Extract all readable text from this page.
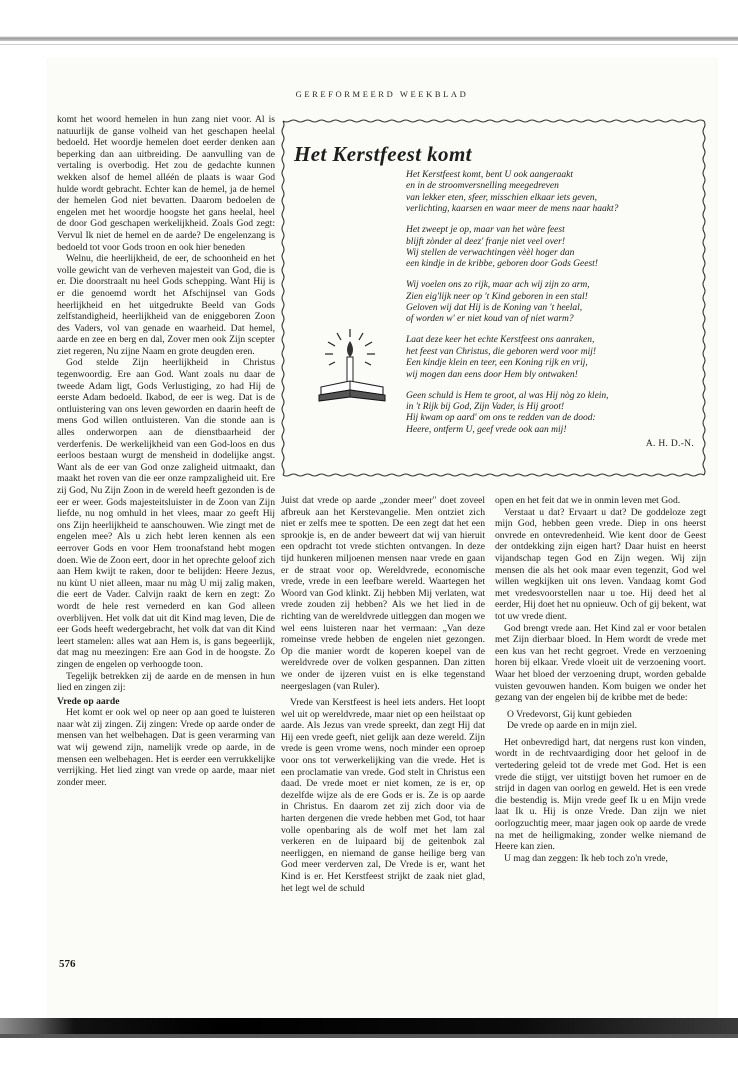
GEREFORMEERD WEEKBLAD

komt het woord hemelen in hun zang niet voor. Al is natuurlijk de ganse volheid van het geschapen heelal bedoeld. Het woordje hemelen doet eerder denken aan beperking dan aan uitbreiding. De aanvulling van de vertaling is overbodig. Het zou de gedachte kunnen wekken alsof de hemel alléén de plaats is waar God hulde wordt gebracht. Echter kan de hemel, ja de hemel der hemelen God niet bevatten. Daarom bedoelen de engelen met het woordje hoogste het gans heelal, heel de door God geschapen werkelijkheid. Zoals God zegt: Vervul Ik niet de hemel en de aarde? De engelenzang is bedoeld tot voor Gods troon en ook hier beneden

Welnu, die heerlijkheid, de eer, de schoonheid en het volle gewicht van de verheven majesteit van God, die is er. Die doorstraalt nu heel Gods schepping. Want Hij is er die genoemd wordt het Afschijnsel van Gods heerlijkheid en het uitgedrukte Beeld van Gods zelfstandigheid, heerlijkheid van de eniggeboren Zoon des Vaders, vol van genade en waarheid. Dat hemel, aarde en zee en berg en dal, Zover men ook Zijn scepter ziet regeren, Nu zijne Naam en grote deugden eren.

God stelde Zijn heerlijkheid in Christus tegenwoordig. Ere aan God. Want zoals nu daar de tweede Adam ligt, Gods Verlustiging, zo had Hij de eerste Adam bedoeld. Ikabod, de eer is weg. Dat is de ontluistering van ons leven geworden en daarin heeft de mens God willen ontluisteren. Van die stonde aan is alles onderworpen aan de dienstbaarheid der verderfenis. De werkelijkheid van een God-loos en dus eerloos bestaan wurgt de mensheid in dodelijke angst. Want als de eer van God onze zaligheid uitmaakt, dan maakt het roven van die eer onze rampzaligheid uit. Ere zij God, Nu Zijn Zoon in de wereld heeft gezonden is de eer er weer. Gods majesteitsluister in de Zoon van Zijn liefde, nu nog omhuld in het vlees, maar zo geeft Hij ons Zijn heerlijkheid te aanschouwen. Wie zingt met de engelen mee? Als u zich hebt leren kennen als een eerrover Gods en voor Hem troonafstand hebt mogen doen. Wie de Zoon eert, door in het oprechte geloof zich aan Hem kwijt te raken, door te belijden: Heere Jezus, nu kùnt U niet alleen, maar nu màg U mij zalig maken, die eert de Vader. Calvijn raakt de kern en zegt: Zo wordt de hele rest vernederd en kan God alleen overblijven. Het volk dat uit dit Kind mag leven, Die de eer Gods heeft wedergebracht, het volk dat van dit Kind leert stamelen: alles wat aan Hem is, is gans begeerlijk, dat mag nu meezingen: Ere aan God in de hoogste. Zo zingen de engelen op verhoogde toon.

Tegelijk betrekken zij de aarde en de mensen in hun lied en zingen zij:

Vrede op aarde

Het komt er ook wel op neer op aan goed te luisteren naar wàt zij zingen. Zij zingen: Vrede op aarde onder de mensen van het welbehagen. Dat is geen verarming van wat wij gewend zijn, namelijk vrede op aarde, in de mensen een welbehagen. Het is eerder een verrukkelijke verrijking. Het lied zingt van vrede op aarde, maar niet zonder meer.

Het Kerstfeest komt
Het Kerstfeest komt, bent U ook aangeraakt
en in de stroomversnelling meegedreven
van lekker eten, sfeer, misschien elkaar iets geven,
verlichting, kaarsen en waar meer de mens naar haakt?
Het zweept je op, maar van het wàre feest
blijft zònder al deez' franje niet veel over!
Wij stellen de verwachtingen vèèl hoger dan
een kindje in de kribbe, geboren door Gods Geest!
Wij voelen ons zo rijk, maar ach wij zijn zo arm,
Zien eig'lijk neer op 't Kind geboren in een stal!
Geloven wij dat Hij is de Koning van 't heelal,
of worden w' er niet koud van of niet warm?
Laat deze keer het echte Kerstfeest ons aanraken,
het feest van Christus, die geboren werd voor mij!
Een kindje klein en teer, een Koning rijk en vrij,
wij mogen dan eens door Hem bly ontwaken!
Geen schuld is Hem te groot, al was Hij nòg zo klein,
in 't Rijk bij God, Zijn Vader, is Hij groot!
Hij kwam op aard' om ons te redden van de dood:
Heere, ontferm U, geef vrede ook aan mij!
A. H. D.-N.

Juist dat vrede op aarde „zonder meer" doet zoveel afbreuk aan het Kerstevangelie. Men ontziet zich niet er zelfs mee te spotten. De een zegt dat het een sprookje is, en de ander beweert dat wij van hieruit een opdracht tot vrede stichten ontvangen. In deze tijd hunkeren miljoenen mensen naar vrede en gaan er de straat voor op. Wereldvrede, economische vrede, vrede in een leefbare wereld. Waartegen het Woord van God klinkt. Zij hebben Mij verlaten, wat vrede zouden zij hebben? Als we het lied in de richting van de wereldvrede uitleggen dan mogen we wel eens luisteren naar het vermaan: „Van deze romeinse vrede hebben de engelen niet gezongen. Op die manier wordt de koperen koepel van de wereldvrede over de volken gespannen. Dan zitten we onder de ijzeren vuist en is elke tegenstand neergeslagen (van Ruler).

Vrede van Kerstfeest is heel iets anders. Het loopt wel uit op wereldvrede, maar niet op een heilstaat op aarde. Als Jezus van vrede spreekt, dan zegt Hij dat Hij een vrede geeft, niet gelijk aan deze wereld. Zijn vrede is geen vrome wens, noch minder een oproep voor ons tot verwerkelijking van die vrede. Het is een proclamatie van vrede. God stelt in Christus een daad. De vrede moet er niet komen, ze is er, op dezelfde wijze als de ere Gods er is. Ze is op aarde in Christus. En daarom zet zij zich door via de harten dergenen die vrede hebben met God, tot haar volle openbaring als de wolf met het lam zal verkeren en de luipaard bij de geitenbok zal neerliggen, en niemand de ganse heilige berg van God meer verderven zal, De Vrede is er, want het Kind is er. Het Kerstfeest strijkt de zaak niet glad, het legt wel de schuld

open en het feit dat we in onmin leven met God.

Verstaat u dat? Ervaart u dat? De goddeloze zegt mijn God, hebben geen vrede. Diep in ons heerst onvrede en ontevredenheid. Wie kent door de Geest der ontdekking zijn eigen hart? Daar huist en heerst vijandschap tegen God en Zijn wegen. Wij zijn mensen die als het ook maar even tegenzit, God wel willen wegkijken uit ons leven. Vandaag komt God met vredesvoorstellen naar u toe. Hij deed het al eerder, Hij doet het nu opnieuw. Och of gij bekent, wat tot uw vrede dient.

God brengt vrede aan. Het Kind zal er voor betalen met Zijn dierbaar bloed. In Hem wordt de vrede met een kus van het recht gegroet. Vrede en verzoening horen bij elkaar. Vrede vloeit uit de verzoening voort. Waar het bloed der verzoening drupt, worden gebalde vuisten gevouwen handen. Kom buigen we onder het gezang van der engelen bij de kribbe met de bede:

O Vredevorst, Gij kunt gebieden

De vrede op aarde en in mijn ziel.

Het onbevredigd hart, dat nergens rust kon vinden, wordt in de rechtvaardiging door het geloof in de vertedering geleid tot de vrede met God. Het is een vrede die stijgt, ver uitstijgt boven het rumoer en de strijd in dagen van oorlog en geweld. Het is een vrede die bestendig is. Mijn vrede geef Ik u en Mijn vrede laat Ik u. Hij is onze Vrede. Dan zijn we niet oorlogzuchtig meer, maar jagen ook op aarde de vrede na met de heiligmaking, zonder welke niemand de Heere kan zien.

U mag dan zeggen: Ik heb toch zo'n vrede,

576
